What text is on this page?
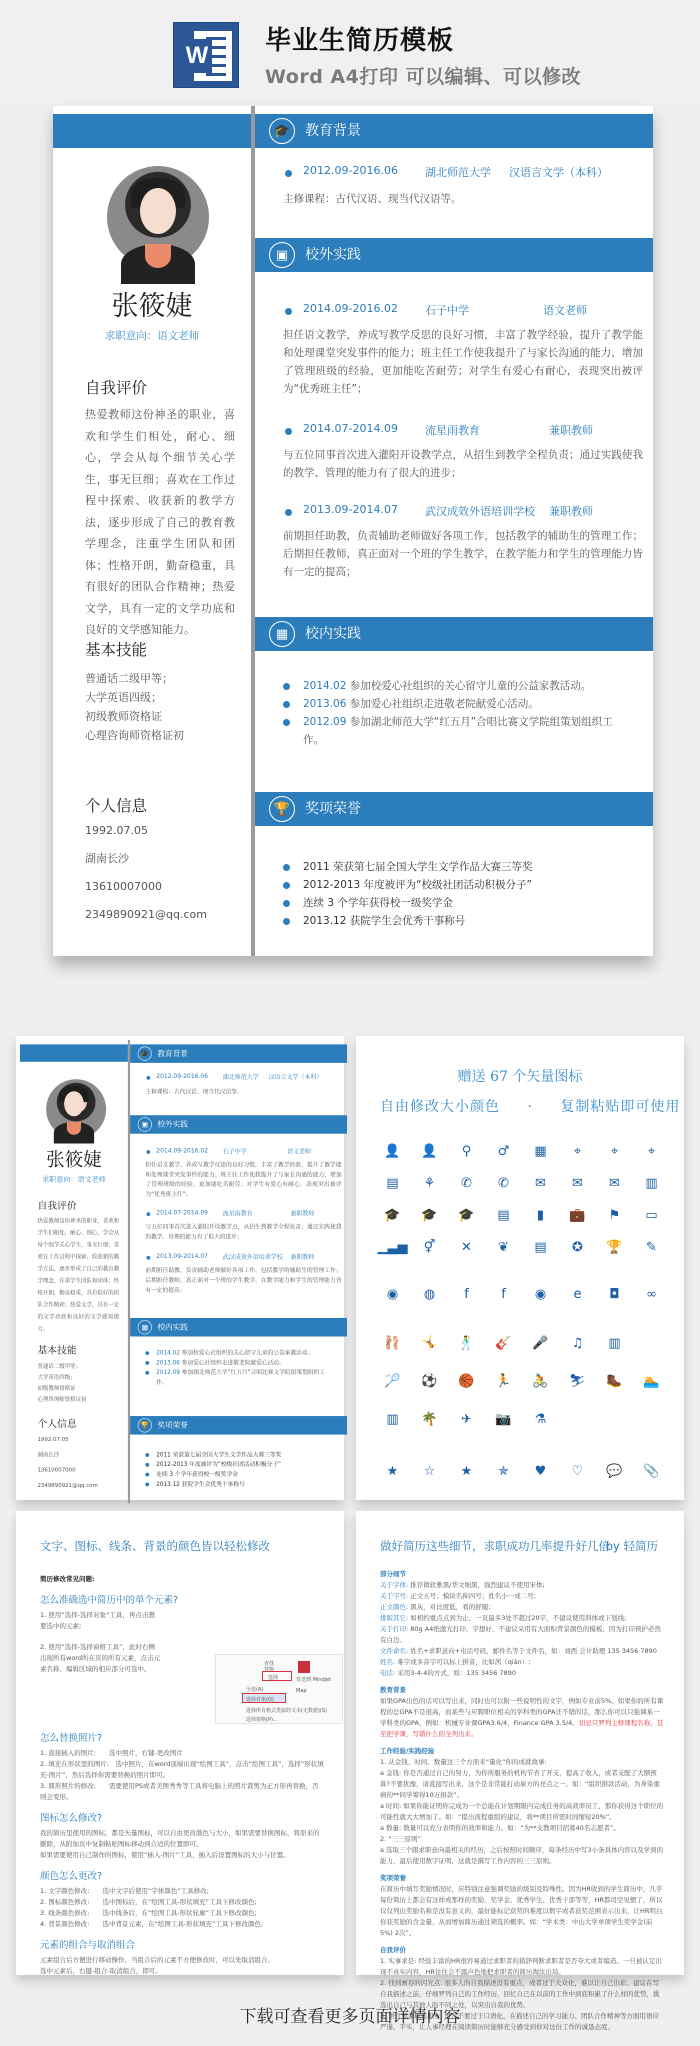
W 毕业生简历模板
Word A4打印 可以编辑、可以修改
张筱婕
求职意向：语文老师
自我评价
热爱教师这份神圣的职业，喜欢和学生们相处，耐心、细心，学会从每个细节关心学生，事无巨细；喜欢在工作过程中探索、收获新的教学方法，逐步形成了自己的教育教学理念，注重学生团队和团体；性格开朗，勤奋稳重，具有很好的团队合作精神；热爱文学，具有一定的文学功底和良好的文学感知能力。
基本技能
普通话二级甲等；
大学英语四级；
初级教师资格证
心理咨询师资格证初
个人信息
1992.07.05
湖南长沙
13610007000
2349890921@qq.com
🎓	教育背景
2012.09-2016.06 湖北师范大学 汉语言文学（本科）
主修课程：古代汉语、现当代汉语等。
▣	校外实践
2014.09-2016.02 石子中学	语文老师
担任语文教学，养成写教学反思的良好习惯，丰富了教学经验，提升了教学能和处理课堂突发事件的能力；班主任工作使我提升了与家长沟通的能力，增加了管理班级的经验，更加能吃苦耐劳；对学生有爱心有耐心，表现突出被评为“优秀班主任”；
2014.07-2014.09 流星雨教育	兼职教师
与五位同事首次进入灌阳开设教学点，从招生到教学全程负责；通过实践使我的教学、管理的能力有了很大的进步；
2013.09-2014.07 武汉成效外语培训学校 兼职教师
前期担任助教，负责辅助老师做好各项工作，包括教学的辅助生的管理工作；后期担任教师，真正面对一个班的学生教学，在教学能力和学生的管理能力皆有一定的提高；
▦	校内实践
2014.02 参加校爱心社组织的关心留守儿童的公益家教活动。
2013.06 参加爱心社组织走进敬老院献爱心活动。
2012.09 参加湖北师范大学“红五月”合唱比赛文学院组策划组织工作。
🏆	奖项荣誉
2011 荣获第七届全国大学生文学作品大赛三等奖
2012-2013 年度被评为“校级社团活动积极分子”
连续 3 个学年获得校一级奖学金
2013.12 获院学生会优秀干事称号
张筱婕
求职意向：语文老师
自我评价
热爱教师这份神圣的职业，喜欢和学生们相处，耐心、细心，学会从每个细节关心学生，事无巨细；喜欢在工作过程中探索、收获新的教学方法，逐步形成了自己的教育教学理念，注重学生团队和团体；性格开朗，勤奋稳重，具有很好的团队合作精神；热爱文学，具有一定的文学功底和良好的文学感知能力。
基本技能
普通话二级甲等；
大学英语四级；
初级教师资格证
心理咨询师资格证初
个人信息
1992.07.05
湖南长沙
13610007000
2349890921@qq.com
🎓 教育背景
2012.09-2016.06 湖北师范大学 汉语言文学（本科）
主修课程：古代汉语、现当代汉语等。
▣ 校外实践
2014.09-2016.02 石子中学	语文老师
担任语文教学，养成写教学反思的良好习惯，丰富了教学经验，提升了教学能和处理课堂突发事件的能力；班主任工作使我提升了与家长沟通的能力，增加了管理班级的经验，更加能吃苦耐劳；对学生有爱心有耐心，表现突出被评为“优秀班主任”；
2014.07-2014.09 流星雨教育	兼职教师
与五位同事首次进入灌阳开设教学点，从招生到教学全程负责；通过实践使我的教学、管理的能力有了很大的进步；
2013.09-2014.07 武汉成效外语培训学校 兼职教师
前期担任助教，负责辅助老师做好各项工作，包括教学的辅助生的管理工作；后期担任教师，真正面对一个班的学生教学，在教学能力和学生的管理能力皆有一定的提高；
▦ 校内实践
2014.02 参加校爱心社组织的关心留守儿童的公益家教活动。
2013.06 参加爱心社组织走进敬老院献爱心活动。
2012.09 参加湖北师范大学“红五月”合唱比赛文学院组策划组织工作。
🏆 奖项荣誉
2011 荣获第七届全国大学生文学作品大赛三等奖
2012-2013 年度被评为“校级社团活动积极分子”
连续 3 个学年获得校一级奖学金
2013.12 获院学生会优秀干事称号
赠送 67 个矢量图标
自由修改大小颜色 · 复制粘贴即可使用
👤	👤	⚲	♂	▦	⌖	⌖	⌖
▤	⚘	✆	✆	✉	✉	✉	▥
🎓	🎓	🎓	▤	▮	💼	⚑	▭
▁▃▅	⚥	✕	❦	▤	✪	🏆	✎
◉	◍	f	f	◉	e	◘	∞
🩰	🤸	🕺	🎸	🎤	♫	▥
🏸	⚽	🏀	🏃	🚴	⛷	🥾	🏊
▥	🌴	✈	📷	⚗
★	☆	★	✯	♥	♡	💬	📎
文字、图标、线条、背景的颜色皆以轻松修改
简历修改常见问题:
怎么准确选中简历中的单个元素?
1. 使用“选择-选择对象”工具，再点击想要选中的元素;
2. 使用“选择-选择窗格工具”，此时右侧出现所有word所在页的所有元素，点击元素名称，编辑区域的相应部分可选中。
查找
替换
选择
全选(A)
选择对象(O)
选择所有格式类似的文本(无数据)(S)
选择窗格(P)...
发送到 Mindjet Map
怎么替换照片?
1. 直接插入的图片:　　选中照片，右键-更改图片
2. 填充在形状里的图片:　选中照片，在word顶端出现“绘图工具”，点击“绘图工具”，选择“形状填充-图片”，然后选择你需要替换的照片即可。
3. 圆形照片的修改:　　需要使用PS或者美图秀秀等工具将电脑上的照片裁剪为正方形再替换，否则会变形。
图标怎么修改?
我的简历里使用的图标，都是矢量图标，可以自由更改颜色与大小，如果需要替换图标，将原来的删除，从附加页中复制粘贴图标移动到合适的位置即可。
如果需要使用自己制作的图标，使用“插入-图片”工具，插入后设置图标的大小与位置。
颜色怎么更改?
1. 文字颜色修改:　　选中文字后使用“字体颜色”工具修改;
2. 图标颜色修改:　　选中图标后，在“绘图工具-形状填充”工具下修改颜色;
3. 线条颜色修改:　　选中线条后，在“绘图工具-形状轮廓”工具下修改颜色;
4. 背景颜色修改:　　选中背景元素，在“绘图工具-形状填充”工具下修改颜色;
元素的组合与取消组合
元素组合后方便进行移动操作，当组合后的元素不方便修改时，可以先取消组合。
选中元素后，右键-组合-取消组合，即可。
做好简历这些细节，求职成功几率提升好几倍
by 轻简历
部分细节
关于字体: 推荐微软雅黑/华文细黑，强烈建议不使用宋体;
关于字号: 正文五号；模块名称四号；姓名小一或二号;
正文颜色: 黑灰，对比度低，看的舒服;
排版其它: 如相约重点点到为止，一页最多3处不超过20字，不建议使用斜体或下划线;
关于打印: 80g A4纸激光打印，字想好，不建议采用有大面积背景颜色的模板，因为打印预护必然有白边。
文件命名: 姓名+求职意向+电话号码，邮件名等于文件名，如：刘西 会计助理 135 3456 7890
姓名: 难字或多音字可以标上拼音，比如茜（qiàn）;
电话: 采用3-4-4的方式，如：135 3456 7890
教育背景
如果GPA出色的话可以写出来，同时也可以附一些说明性的文字，例如专业前5%。如果你的所有课程的总GPA不是很高，而某些与应聘职位相关的学科类的GPA还不错的话，那么你可以只强调某一学科类的GPA，例如：机械专业课GPA3.6/4，Finance GPA 3.5/4。切忌只罗列主修课程名称，甚至把学课，写错什么的全列出来。
工作经验/实践经验
1. 从金钱、时间、数量这三个方面来“量化”你的成就故事:
a 金钱: 你是否通过自己的努力，为你所服务的机构节省了开支，提高了收入，或者支配了大额预算?不要犹豫，请直接写出来，这个是非常能打动雇方的亮点之一。如：“组织捐款活动，为身染重病的**同学筹得10万捐款”。
a 时间: 如果你能证明你完成为一个总能在计划期限内完成任务的高效率员工，那你获得这个职位的可能性就大大增加了。如：“提出流程重组的建议，将**项目所需时间缩短20%”。
a 数量: 数量可以充分表明你的效率和能力。如：“为**支教项目招募40名志愿者”。
2. “三三原则”
a 选取三个跟求职意向最相关的经历，之后按照时间顺序，每条经历中写3小条具体内容以及学到的能力，最后使用数字证明，这就是撰写工作内容的三三原则。
奖项荣誉
在简历中填写奖励情况时，应特别注意强调奖励的级别及特殊性。因为HR收到的学生简历中，几乎每份简历上都会有这样或那样的奖励，奖学金、优秀学生、优秀干部等等，HR都司空见惯了，所以仅仅列出奖励名称是没有意义的，最好能标记获奖的难度以数字或者获奖范围表示出来，让HR明白你获奖励的含金量，从而增加简历通过筛选的概率。如：“学术类：中山大学单项学生奖学金(前5%) 2次”。
自我评价
1. 实事求是: 经验丰富的HR很容易通过求职者的措辞判断求职者是否夸大或者编造。一旦被认定出现不真实内容，HR往往会不露声色地把求职者的简历淘汰出局。
2. 找到画卷的闪光点: 很多人的自我描述没有重点，或者过于大众化，难以让自己出彩。建议在写自我描述之前，仔细罗列自己的工作经历，回忆自己在以前的工作中到底积累了什么样的优势，挑选出自己与其他人的不同之处，以突出自我的优势。
3. 语言要兼顾性职业: 语言不要过于口语化，在描述自己的学习能力、团队合作精神等方面用语应严谨、平实，让人事经理在阅读简历时能够充分感受到你对这份工作的诚恳态度。
下载可查看更多页面详情内容
